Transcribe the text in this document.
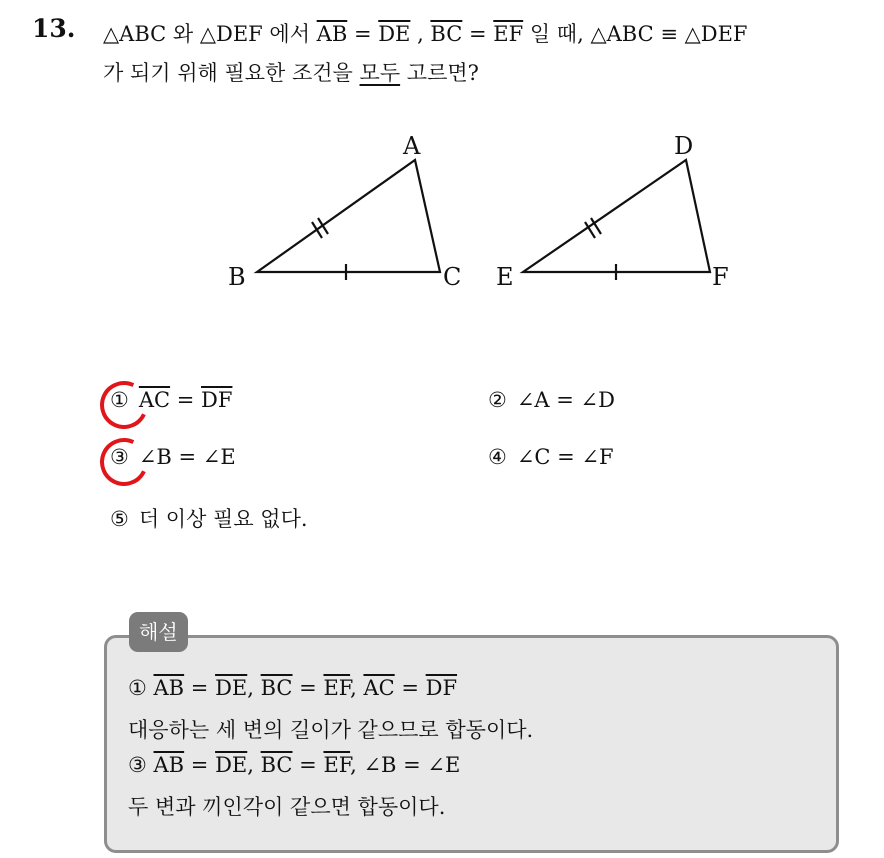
13. △ABC 와 △DEF 에서 $\overline{AB} = \overline{DE}$ , $\overline{BC} = \overline{EF}$ 일 때, △ABC ≡ △DEF
가 되기 위해 필요한 조건을 모두 고르면?
A
B	C
D
E	F
① $\overline{AC} = \overline{DF}$	② ∠A = ∠D
③ ∠B = ∠E	④ ∠C = ∠F
⑤ 더 이상 필요 없다.
해설
① $\overline{AB} = \overline{DE}$, $\overline{BC} = \overline{EF}$, $\overline{AC} = \overline{DF}$
대응하는 세 변의 길이가 같으므로 합동이다.
③ $\overline{AB} = \overline{DE}$, $\overline{BC} = \overline{EF}$, ∠B = ∠E
두 변과 끼인각이 같으면 합동이다.
